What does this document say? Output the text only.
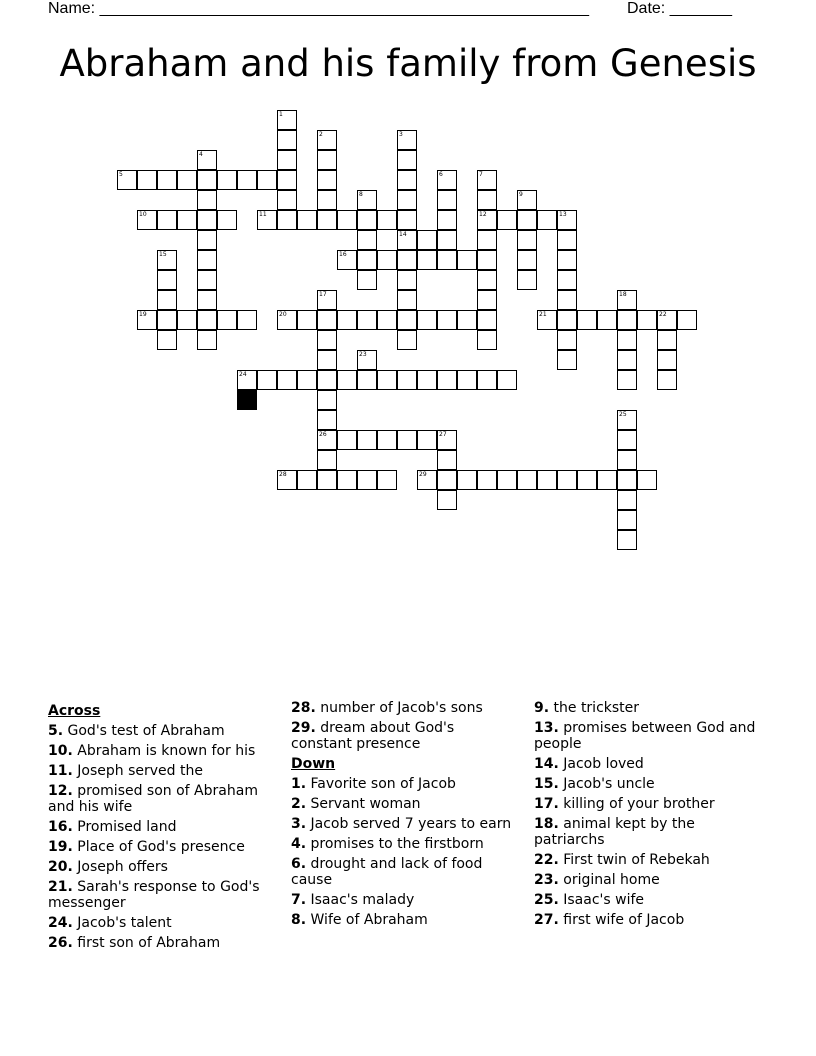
Name: _______________________________________________________ Date: _______
Abraham and his family from Genesis
5
10	11	12	13
14
16
19	20	21	22
24
26	27
28	29
1
2	3
4
6	7
8	9
15
17	18
23
25
Across
5. God's test of Abraham
10. Abraham is known for his
11. Joseph served the
12. promised son of Abraham and his wife
16. Promised land
19. Place of God's presence
20. Joseph offers
21. Sarah's response to God's messenger
24. Jacob's talent
26. first son of Abraham
28. number of Jacob's sons
29. dream about God's constant presence
Down
1. Favorite son of Jacob
2. Servant woman
3. Jacob served 7 years to earn
4. promises to the firstborn
6. drought and lack of food cause
7. Isaac's malady
8. Wife of Abraham
9. the trickster
13. promises between God and people
14. Jacob loved
15. Jacob's uncle
17. killing of your brother
18. animal kept by the patriarchs
22. First twin of Rebekah
23. original home
25. Isaac's wife
27. first wife of Jacob
